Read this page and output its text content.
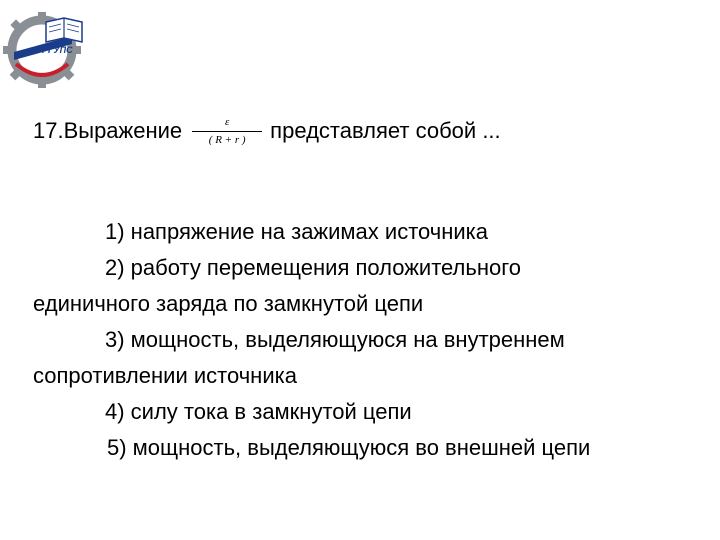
РГУПС
17.Выражение $\frac{\varepsilon}{( R + r )}$ представляет собой ...

1) напряжение на зажимах источника

2) работу перемещения положительного
единичного заряда по замкнутой цепи

3) мощность, выделяющуюся на внутреннем
сопротивлении источника

4) силу тока в замкнутой цепи

5) мощность, выделяющуюся во внешней цепи
